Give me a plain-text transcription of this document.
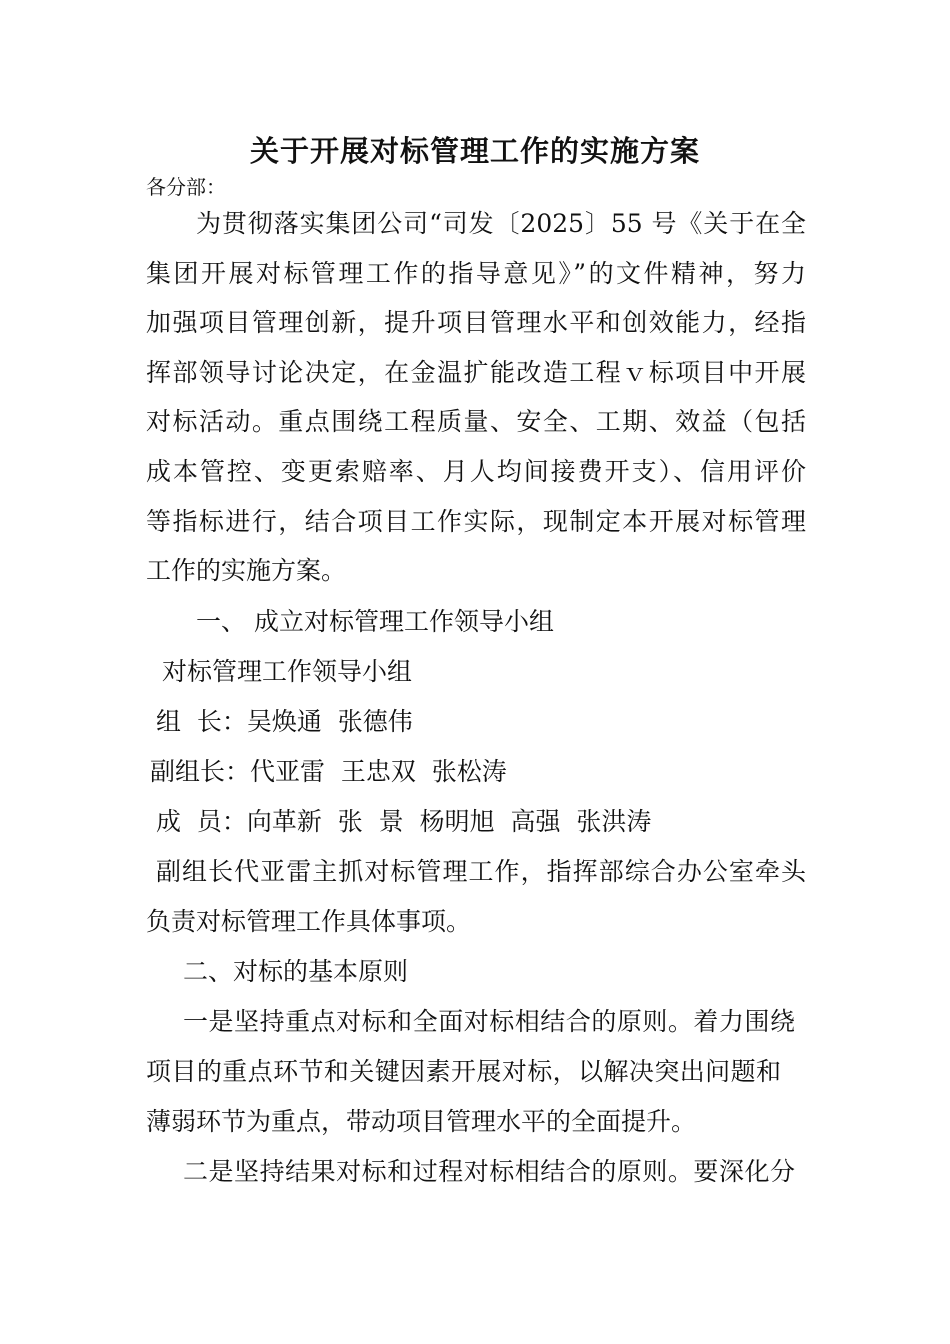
关于开展对标管理工作的实施方案
各分部：
为贯彻落实集团公司“司发〔2025〕55 号《关于在全
集团开展对标管理工作的指导意见》”的文件精神，努力
加强项目管理创新，提升项目管理水平和创效能力，经指
挥部领导讨论决定，在金温扩能改造工程ｖ标项目中开展
对标活动。重点围绕工程质量、安全、工期、效益（包括
成本管控、变更索赔率、月人均间接费开支）、信用评价
等指标进行，结合项目工作实际，现制定本开展对标管理
工作的实施方案。
一、 成立对标管理工作领导小组
对标管理工作领导小组
组  长：吴焕通  张德伟
副组长：代亚雷  王忠双  张松涛
成  员：向革新  张  景  杨明旭  高强  张洪涛
副组长代亚雷主抓对标管理工作，指挥部综合办公室牵头
负责对标管理工作具体事项。
二、对标的基本原则
一是坚持重点对标和全面对标相结合的原则。着力围绕
项目的重点环节和关键因素开展对标，以解决突出问题和
薄弱环节为重点，带动项目管理水平的全面提升。
二是坚持结果对标和过程对标相结合的原则。要深化分
